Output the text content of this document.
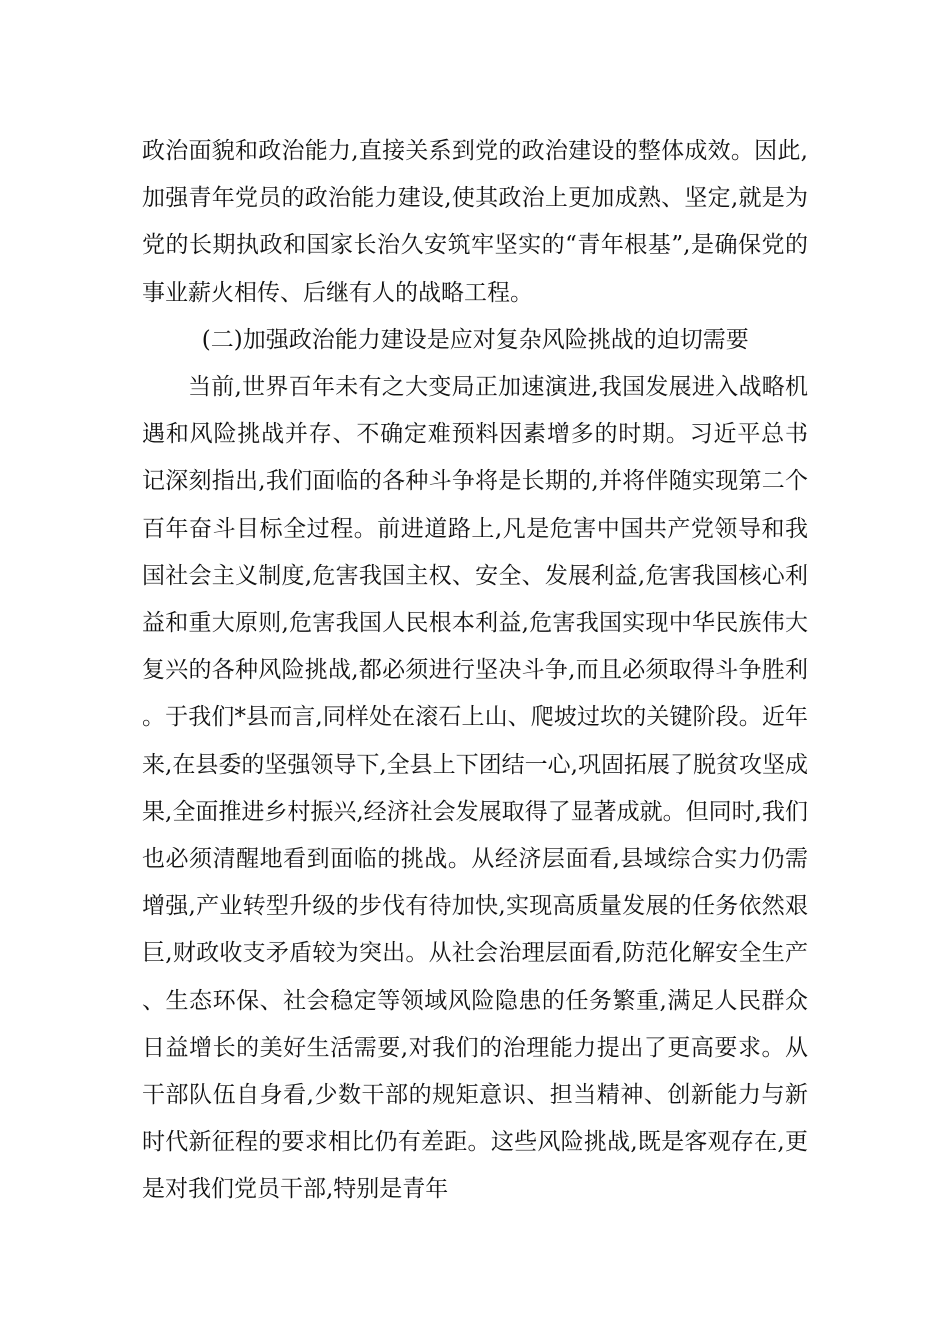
政治面貌和政治能力,直接关系到党的政治建设的整体成效。因此,加强青年党员的政治能力建设,使其政治上更加成熟、坚定,就是为党的长期执政和国家长治久安筑牢坚实的“青年根基”,是确保党的事业薪火相传、后继有人的战略工程。

(二)加强政治能力建设是应对复杂风险挑战的迫切需要

当前,世界百年未有之大变局正加速演进,我国发展进入战略机遇和风险挑战并存、不确定难预料因素增多的时期。习近平总书记深刻指出,我们面临的各种斗争将是长期的,并将伴随实现第二个百年奋斗目标全过程。前进道路上,凡是危害中国共产党领导和我国社会主义制度,危害我国主权、安全、发展利益,危害我国核心利益和重大原则,危害我国人民根本利益,危害我国实现中华民族伟大复兴的各种风险挑战,都必须进行坚决斗争,而且必须取得斗争胜利。于我们*县而言,同样处在滚石上山、爬坡过坎的关键阶段。近年来,在县委的坚强领导下,全县上下团结一心,巩固拓展了脱贫攻坚成果,全面推进乡村振兴,经济社会发展取得了显著成就。但同时,我们也必须清醒地看到面临的挑战。从经济层面看,县域综合实力仍需增强,产业转型升级的步伐有待加快,实现高质量发展的任务依然艰巨,财政收支矛盾较为突出。从社会治理层面看,防范化解安全生产、生态环保、社会稳定等领域风险隐患的任务繁重,满足人民群众日益增长的美好生活需要,对我们的治理能力提出了更高要求。从干部队伍自身看,少数干部的规矩意识、担当精神、创新能力与新时代新征程的要求相比仍有差距。这些风险挑战,既是客观存在,更是对我们党员干部,特别是青年
